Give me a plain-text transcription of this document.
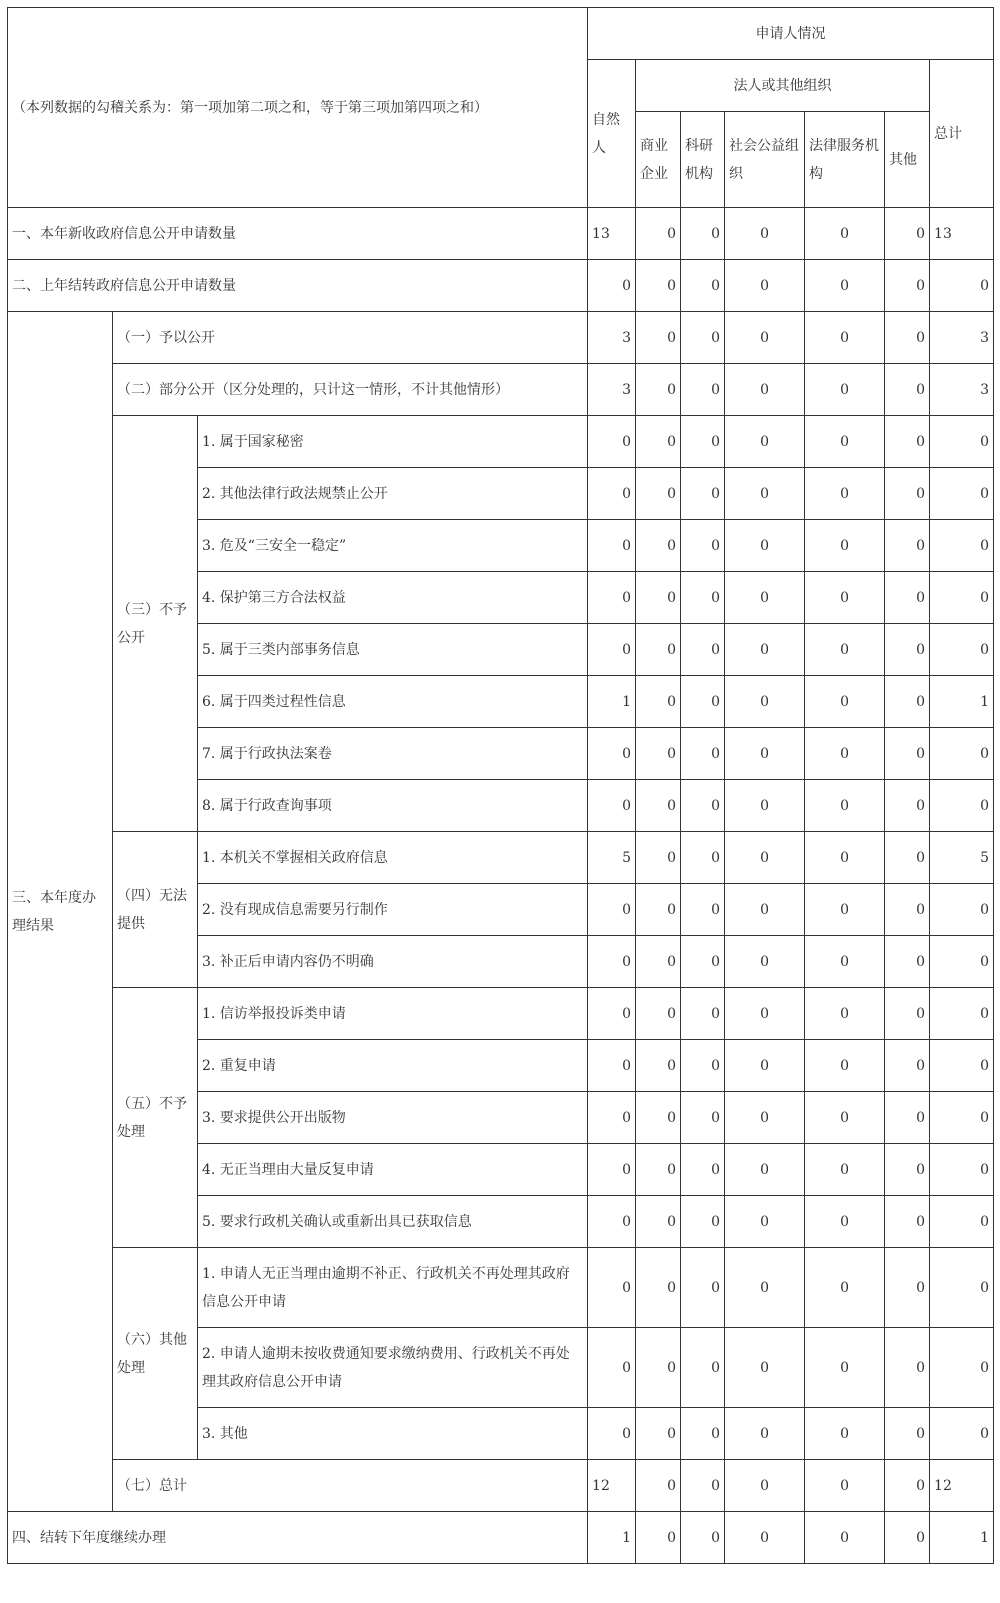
（本列数据的勾稽关系为：第一项加第二项之和，等于第三项加第四项之和）			申请人情况						
			自然人	法人或其他组织					总计
				商业企业	科研机构	社会公益组织	法律服务机构	其他	

一、本年新收政府信息公开申请数量			13	0	0	0	0	0	13
二、上年结转政府信息公开申请数量			0	0	0	0	0	0	0
三、本年度办理结果	（一）予以公开		3	0	0	0	0	0	3
	（二）部分公开（区分处理的，只计这一情形，不计其他情形）		3	0	0	0	0	0	3
	（三）不予公开	1. 属于国家秘密	0	0	0	0	0	0	0
		2. 其他法律行政法规禁止公开	0	0	0	0	0	0	0
		3. 危及“三安全一稳定”	0	0	0	0	0	0	0
		4. 保护第三方合法权益	0	0	0	0	0	0	0
		5. 属于三类内部事务信息	0	0	0	0	0	0	0
		6. 属于四类过程性信息	1	0	0	0	0	0	1
		7. 属于行政执法案卷	0	0	0	0	0	0	0
		8. 属于行政查询事项	0	0	0	0	0	0	0
	（四）无法提供	1. 本机关不掌握相关政府信息	5	0	0	0	0	0	5
		2. 没有现成信息需要另行制作	0	0	0	0	0	0	0
		3. 补正后申请内容仍不明确	0	0	0	0	0	0	0
	（五）不予处理	1. 信访举报投诉类申请	0	0	0	0	0	0	0
		2. 重复申请	0	0	0	0	0	0	0
		3. 要求提供公开出版物	0	0	0	0	0	0	0
		4. 无正当理由大量反复申请	0	0	0	0	0	0	0
		5. 要求行政机关确认或重新出具已获取信息	0	0	0	0	0	0	0
	（六）其他处理	1. 申请人无正当理由逾期不补正、行政机关不再处理其政府信息公开申请	0	0	0	0	0	0	0
		2. 申请人逾期未按收费通知要求缴纳费用、行政机关不再处理其政府信息公开申请	0	0	0	0	0	0	0
		3. 其他	0	0	0	0	0	0	0
	（七）总计		12	0	0	0	0	0	12
四、结转下年度继续办理			1	0	0	0	0	0	1
